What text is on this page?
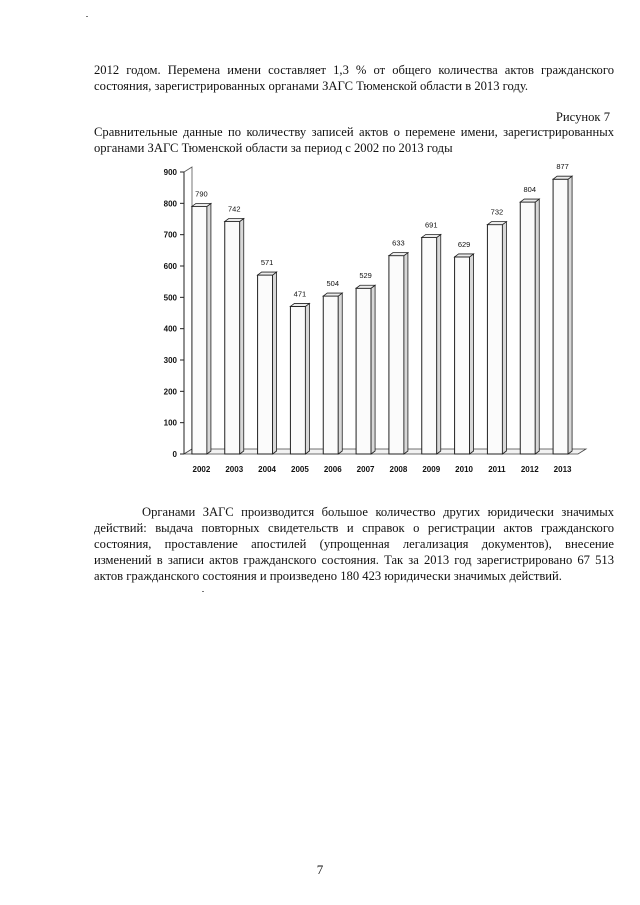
2012 годом. Перемена имени составляет 1,3 % от общего количества актов гражданского состояния, зарегистрированных органами ЗАГС Тюменской области в 2013 году.

Рисунок 7

Сравнительные данные по количеству записей актов о перемене имени, зарегистрированных органами ЗАГС Тюменской области за период с 2002 по 2013 годы

0
100
200
300
400
500
600
700
800
900
790
2002
742
2003
571
2004
471
2005
504
2006
529
2007
633
2008
691
2009
629
2010
732
2011
804
2012
877
2013

Органами ЗАГС производится большое количество других юридически значимых действий: выдача повторных свидетельств и справок о регистрации актов гражданского состояния, проставление апостилей (упрощенная легализация документов), внесение изменений в записи актов гражданского состояния. Так за 2013 год зарегистрировано 67 513 актов гражданского состояния и произведено 180 423 юридически значимых действий.

7
